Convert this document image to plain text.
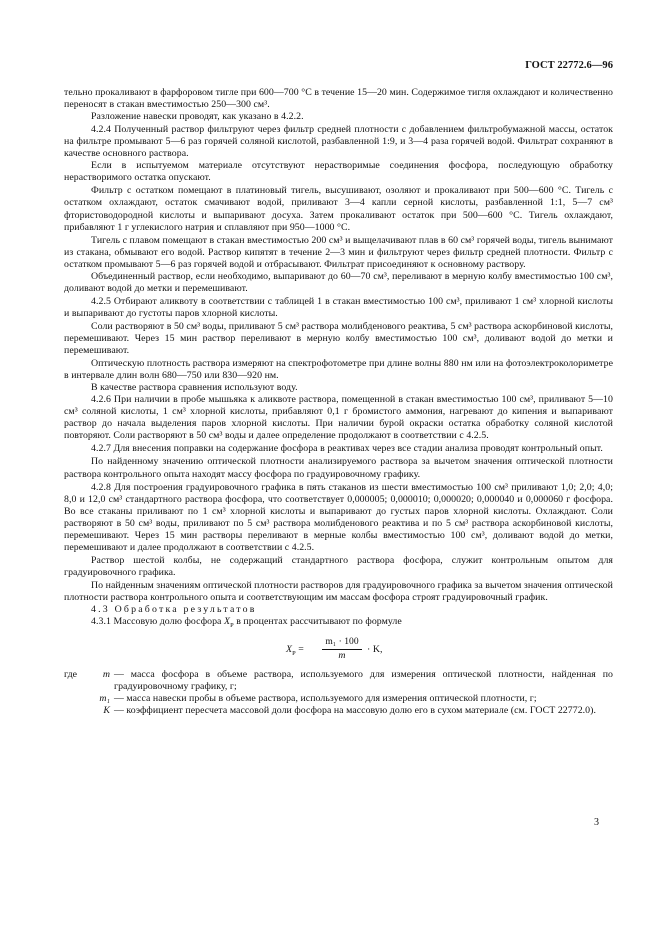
ГОСТ 22772.6—96

тельно прокаливают в фарфоровом тигле при 600—700 °С в течение 15—20 мин. Содержимое тигля охлаждают и количественно переносят в стакан вместимостью 250—300 см³.

Разложение навески проводят, как указано в 4.2.2.

4.2.4 Полученный раствор фильтруют через фильтр средней плотности с добавлением фильтробумажной массы, остаток на фильтре промывают 5—6 раз горячей соляной кислотой, разбавленной 1:9, и 3—4 раза горячей водой. Фильтрат сохраняют в качестве основного раствора.

Если в испытуемом материале отсутствуют нерастворимые соединения фосфора, последующую обработку нерастворимого остатка опускают.

Фильтр с остатком помещают в платиновый тигель, высушивают, озоляют и прокаливают при 500—600 °С. Тигель с остатком охлаждают, остаток смачивают водой, приливают 3—4 капли серной кислоты, разбавленной 1:1, 5—7 см³ фтористоводородной кислоты и выпаривают досуха. Затем прокаливают остаток при 500—600 °С. Тигель охлаждают, прибавляют 1 г углекислого натрия и сплавляют при 950—1000 °С.

Тигель с плавом помещают в стакан вместимостью 200 см³ и выщелачивают плав в 60 см³ горячей воды, тигель вынимают из стакана, обмывают его водой. Раствор кипятят в течение 2—3 мин и фильтруют через фильтр средней плотности. Фильтр с остатком промывают 5—6 раз горячей водой и отбрасывают. Фильтрат присоединяют к основному раствору.

Объединенный раствор, если необходимо, выпаривают до 60—70 см³, переливают в мерную колбу вместимостью 100 см³, доливают водой до метки и перемешивают.

4.2.5 Отбирают аликвоту в соответствии с таблицей 1 в стакан вместимостью 100 см³, приливают 1 см³ хлорной кислоты и выпаривают до густоты паров хлорной кислоты.

Соли растворяют в 50 см³ воды, приливают 5 см³ раствора молибденового реактива, 5 см³ раствора аскорбиновой кислоты, перемешивают. Через 15 мин раствор переливают в мерную колбу вместимостью 100 см³, доливают водой до метки и перемешивают.

Оптическую плотность раствора измеряют на спектрофотометре при длине волны 880 нм или на фотоэлектроколориметре в интервале длин волн 680—750 или 830—920 нм.

В качестве раствора сравнения используют воду.

4.2.6 При наличии в пробе мышьяка к аликвоте раствора, помещенной в стакан вместимостью 100 см³, приливают 5—10 см³ соляной кислоты, 1 см³ хлорной кислоты, прибавляют 0,1 г бромистого аммония, нагревают до кипения и выпаривают раствор до начала выделения паров хлорной кислоты. При наличии бурой окраски остатка обработку соляной кислотой повторяют. Соли растворяют в 50 см³ воды и далее определение продолжают в соответствии с 4.2.5.

4.2.7 Для внесения поправки на содержание фосфора в реактивах через все стадии анализа проводят контрольный опыт.

По найденному значению оптической плотности анализируемого раствора за вычетом значения оптической плотности раствора контрольного опыта находят массу фосфора по градуировочному графику.

4.2.8 Для построения градуировочного графика в пять стаканов из шести вместимостью 100 см³ приливают 1,0; 2,0; 4,0; 8,0 и 12,0 см³ стандартного раствора фосфора, что соответствует 0,000005; 0,000010; 0,000020; 0,000040 и 0,000060 г фосфора. Во все стаканы приливают по 1 см³ хлорной кислоты и выпаривают до густых паров хлорной кислоты. Охлаждают. Соли растворяют в 50 см³ воды, приливают по 5 см³ раствора молибденового реактива и по 5 см³ раствора аскорбиновой кислоты, перемешивают. Через 15 мин растворы переливают в мерные колбы вместимостью 100 см³, доливают водой до метки, перемешивают и далее продолжают в соответствии с 4.2.5.

Раствор шестой колбы, не содержащий стандартного раствора фосфора, служит контрольным опытом для градуировочного графика.

По найденным значениям оптической плотности растворов для градуировочного графика за вычетом значения оптической плотности раствора контрольного опыта и соответствующим им массам фосфора строят градуировочный график.

4.3 Обработка результатов

4.3.1 Массовую долю фосфора $X_P$ в процентах рассчитывают по формуле

$X_P = \frac{\text{m₁ · 100}}{m} \cdot K$,
где	m — масса фосфора в объеме раствора, используемого для измерения оптической плотности, найденная по градуировочному графику, г;
m₁ — масса навески пробы в объеме раствора, используемого для измерения оптической плотности, г;
K — коэффициент пересчета массовой доли фосфора на массовую долю его в сухом материале (см. ГОСТ 22772.0).
3
